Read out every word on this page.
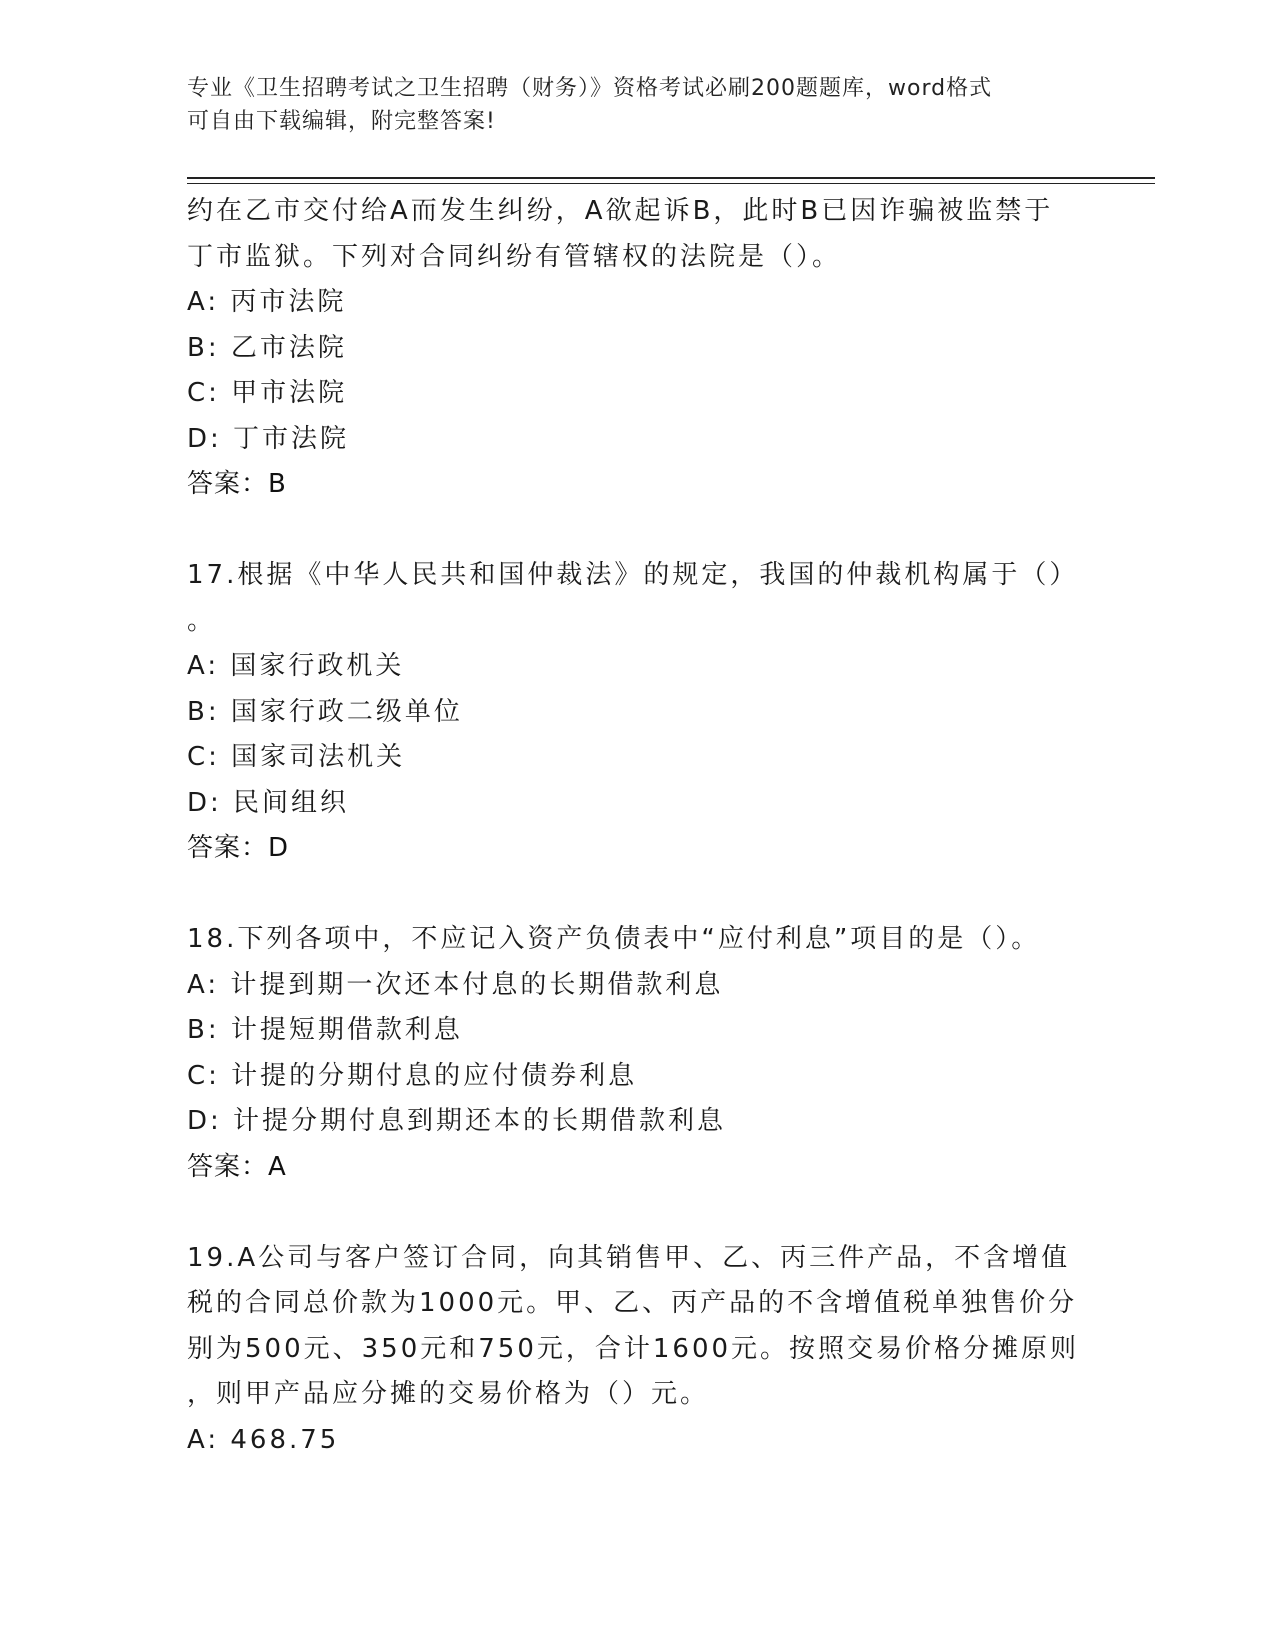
专业《卫生招聘考试之卫生招聘（财务）》资格考试必刷200题题库，word格式
可自由下载编辑，附完整答案!
约在乙市交付给A而发生纠纷，A欲起诉B，此时B已因诈骗被监禁于
丁市监狱。下列对合同纠纷有管辖权的法院是（）。
A: 丙市法院
B: 乙市法院
C: 甲市法院
D: 丁市法院
答案：B
17.根据《中华人民共和国仲裁法》的规定，我国的仲裁机构属于（）
。
A: 国家行政机关
B: 国家行政二级单位
C: 国家司法机关
D: 民间组织
答案：D
18.下列各项中，不应记入资产负债表中“应付利息”项目的是（）。
A: 计提到期一次还本付息的长期借款利息
B: 计提短期借款利息
C: 计提的分期付息的应付债券利息
D: 计提分期付息到期还本的长期借款利息
答案：A
19.A公司与客户签订合同，向其销售甲、乙、丙三件产品，不含增值
税的合同总价款为1000元。甲、乙、丙产品的不含增值税单独售价分
别为500元、350元和750元，合计1600元。按照交易价格分摊原则
，则甲产品应分摊的交易价格为（）元。
A: 468.75
